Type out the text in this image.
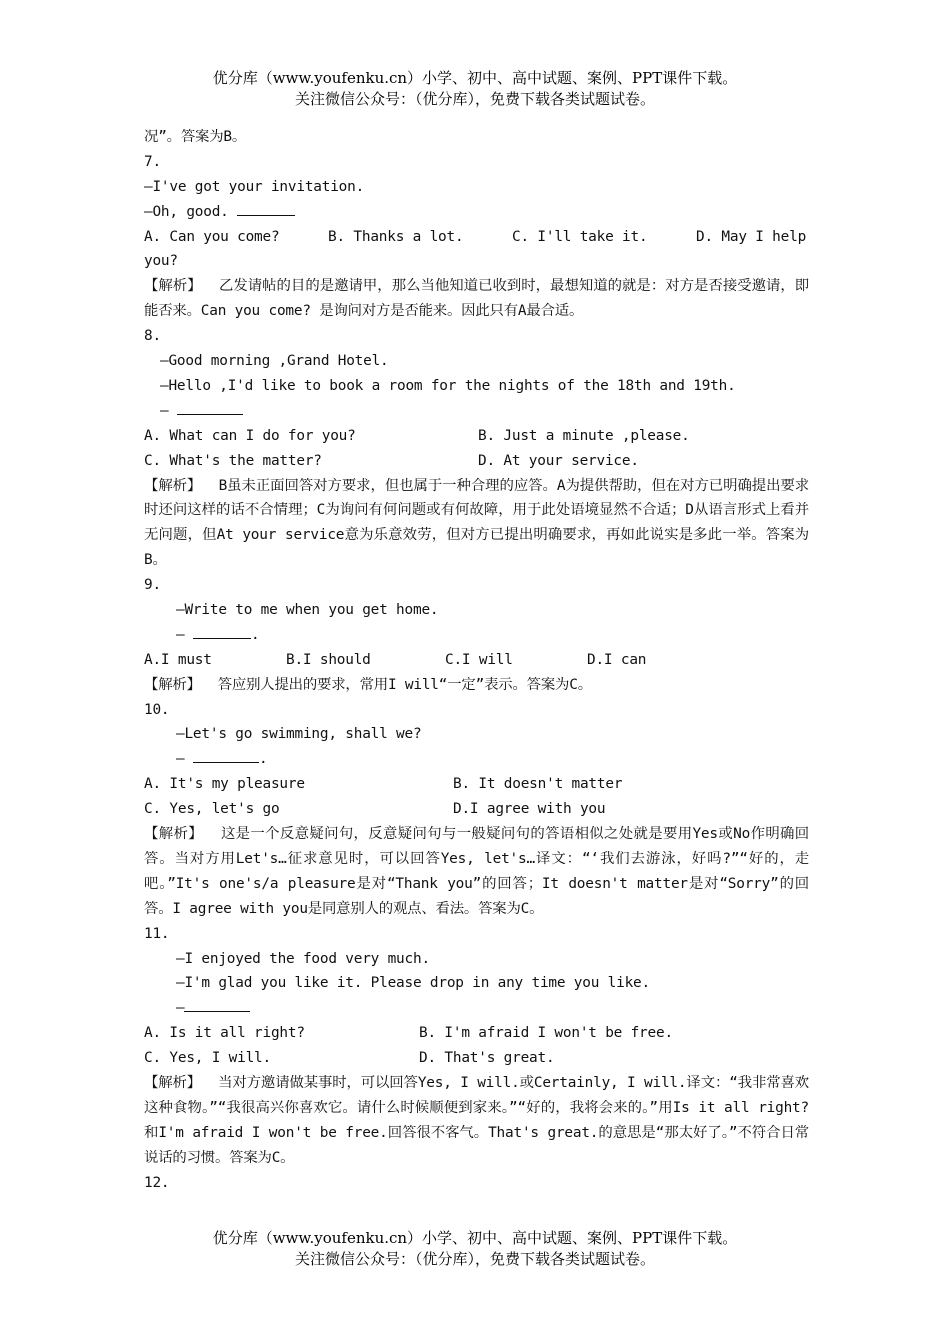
优分库（www.youfenku.cn）小学、初中、高中试题、案例、PPT课件下载。
关注微信公众号：（优分库），免费下载各类试题试卷。
况”。答案为B。
7.
—I've got your invitation.
—Oh, good.
A. Can you come?	B. Thanks a lot.	C. I'll take it.	D. May I help
you?
【解析】 乙发请帖的目的是邀请甲，那么当他知道已收到时，最想知道的就是：对方是否接受邀请，即能否来。Can you come? 是询问对方是否能来。因此只有A最合适。
8.
—Good morning ,Grand Hotel.
—Hello ,I'd like to book a room for the nights of the 18th and 19th.
—
A. What can I do for you?	B. Just a minute ,please.
C. What's the matter?	D. At your service.
【解析】 B虽未正面回答对方要求，但也属于一种合理的应答。A为提供帮助，但在对方已明确提出要求时还问这样的话不合情理；C为询问有何问题或有何故障，用于此处语境显然不合适；D从语言形式上看并无问题，但At your service意为乐意效劳，但对方已提出明确要求，再如此说实是多此一举。答案为B。
9.
—Write to me when you get home.
—	.
A.I must	B.I should	C.I will	D.I can
【解析】 答应别人提出的要求，常用I will“一定”表示。答案为C。
10.
—Let's go swimming, shall we?
—	.
A. It's my pleasure	B. It doesn't matter
C. Yes, let's go	D.I agree with you
【解析】 这是一个反意疑问句，反意疑问句与一般疑问句的答语相似之处就是要用Yes或No作明确回答。当对方用Let's…征求意见时，可以回答Yes, let's…译文：“‘我们去游泳，好吗?”“好的，走吧。”It's one's/a pleasure是对“Thank you”的回答；It doesn't matter是对“Sorry”的回答。I agree with you是同意别人的观点、看法。答案为C。
11.
—I enjoyed the food very much.
—I'm glad you like it. Please drop in any time you like.
—
A. Is it all right?	B. I'm afraid I won't be free.
C. Yes, I will.	D. That's great.
【解析】 当对方邀请做某事时，可以回答Yes, I will.或Certainly, I will.译文：“我非常喜欢这种食物。”“我很高兴你喜欢它。请什么时候顺便到家来。”“好的，我将会来的。”用Is it all right?和I'm afraid I won't be free.回答很不客气。That's great.的意思是“那太好了。”不符合日常说话的习惯。答案为C。
12.
优分库（www.youfenku.cn）小学、初中、高中试题、案例、PPT课件下载。
关注微信公众号：（优分库），免费下载各类试题试卷。
